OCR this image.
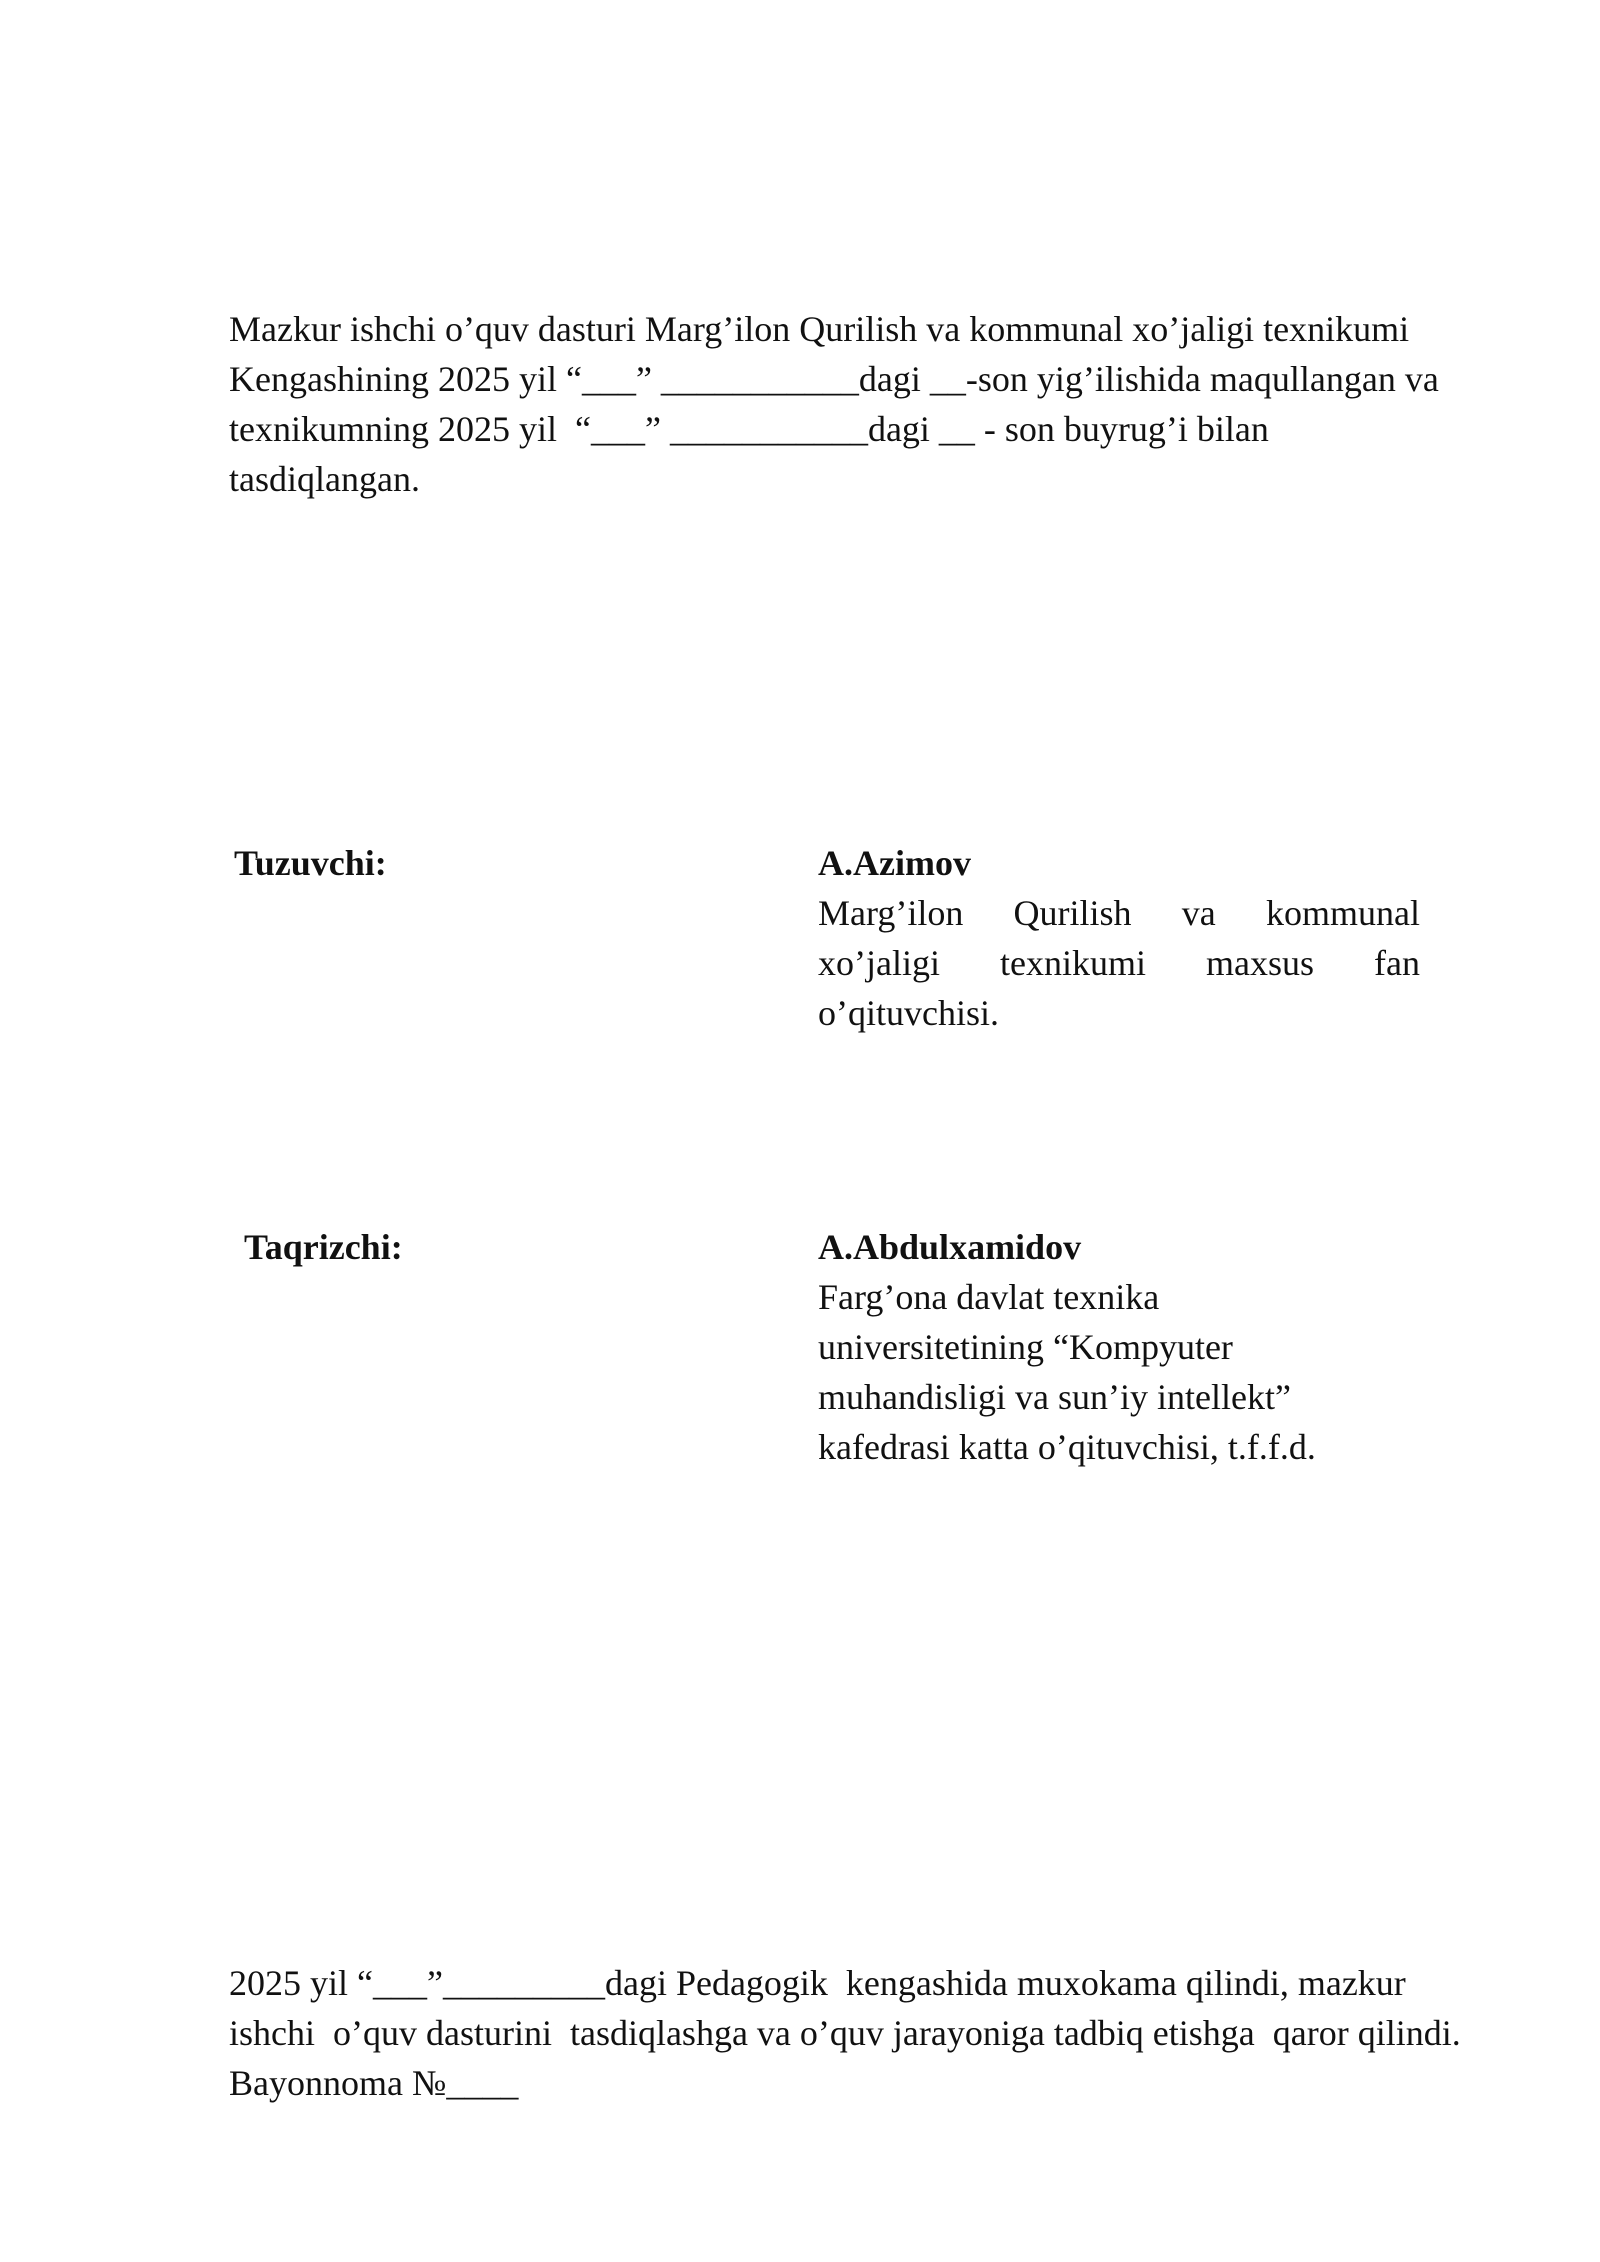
Mazkur ishchi o’quv dasturi Marg’ilon Qurilish va kommunal xo’jaligi texnikumi
Kengashining 2025 yil “___” ___________dagi __-son yig’ilishida maqullangan va
texnikumning 2025 yil  “___” ___________dagi __ - son buyrug’i bilan
tasdiqlangan.
Tuzuvchi:	A.Azimov
Marg’ilon Qurilish va kommunal
xo’jaligi texnikumi maxsus fan
o’qituvchisi.
Taqrizchi:	A.Abdulxamidov
Farg’ona davlat texnika
universitetining “Kompyuter
muhandisligi va sun’iy intellekt”
kafedrasi katta o’qituvchisi, t.f.f.d.
2025 yil “___”_________dagi Pedagogik  kengashida muxokama qilindi, mazkur
ishchi  o’quv dasturini  tasdiqlashga va o’quv jarayoniga tadbiq etishga  qaror qilindi.
Bayonnoma №____
